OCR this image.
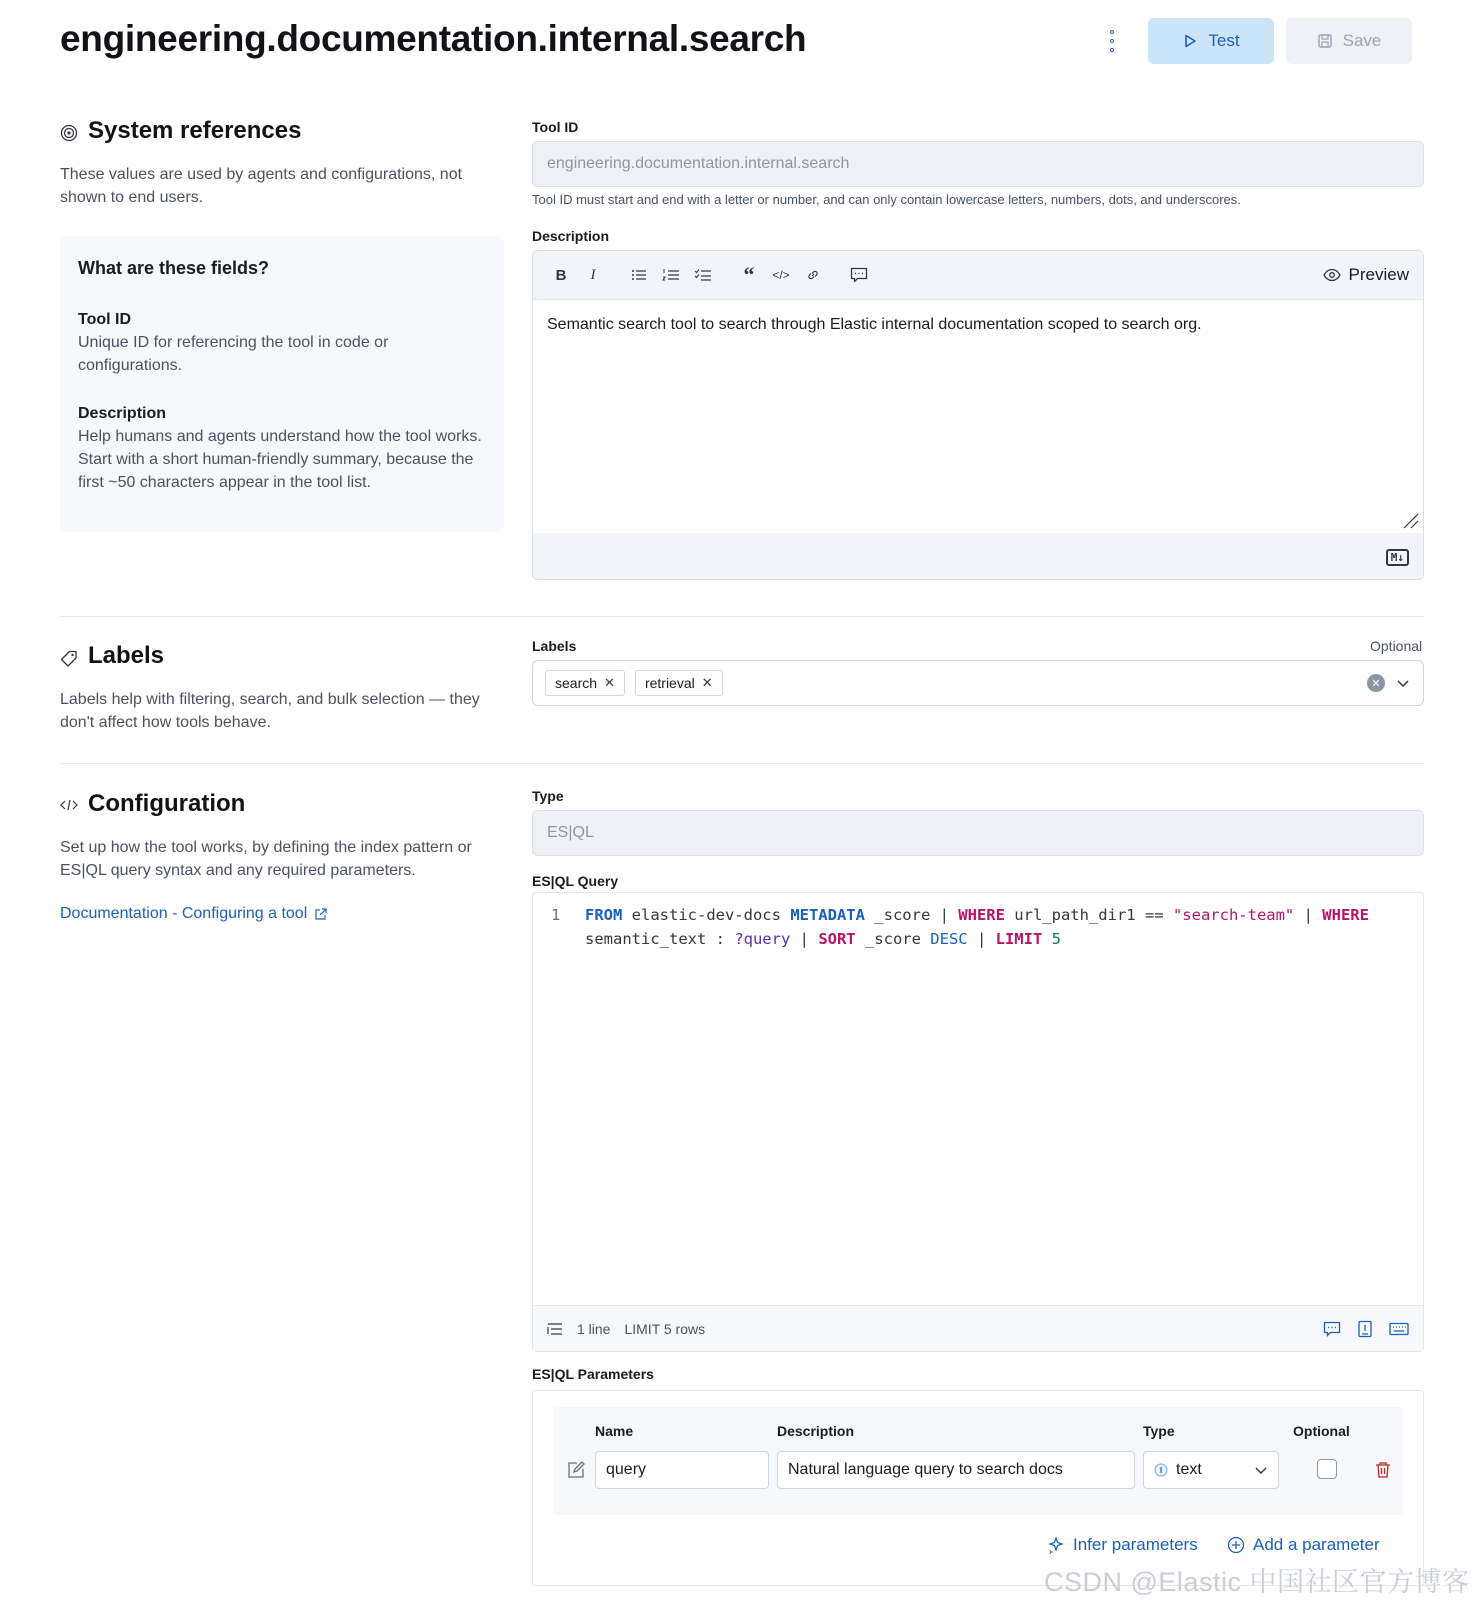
engineering.documentation.internal.search	Test	Save
System references
These values are used by agents and configurations, not shown to end users.
What are these fields?
Tool ID
Unique ID for referencing the tool in code or configurations.
Description
Help humans and agents understand how the tool works. Start with a short human-friendly summary, because the first ~50 characters appear in the tool list.
Tool ID
engineering.documentation.internal.search
Tool ID must start and end with a letter or number, and can only contain lowercase letters, numbers, dots, and underscores.
Description
B	I	“	</>	Preview
Semantic search tool to search through Elastic internal documentation scoped to search org.
M↓
Labels
Labels help with filtering, search, and bulk selection — they don't affect how tools behave.
Labels	Optional
search ✕ retrieval ✕	✕
Configuration
Set up how the tool works, by defining the index pattern or ES|QL query syntax and any required parameters.
Documentation - Configuring a tool
Type
ES|QL
ES|QL Query
1 FROM elastic-dev-docs METADATA _score | WHERE url_path_dir1 == "search-team" | WHERE
semantic_text : ?query | SORT _score DESC | LIMIT 5
1 line LIMIT 5 rows
ES|QL Parameters
Name	Description	Type	Optional
query	Natural language query to search docs	text
Infer parameters	Add a parameter
CSDN @Elastic 中国社区官方博客
